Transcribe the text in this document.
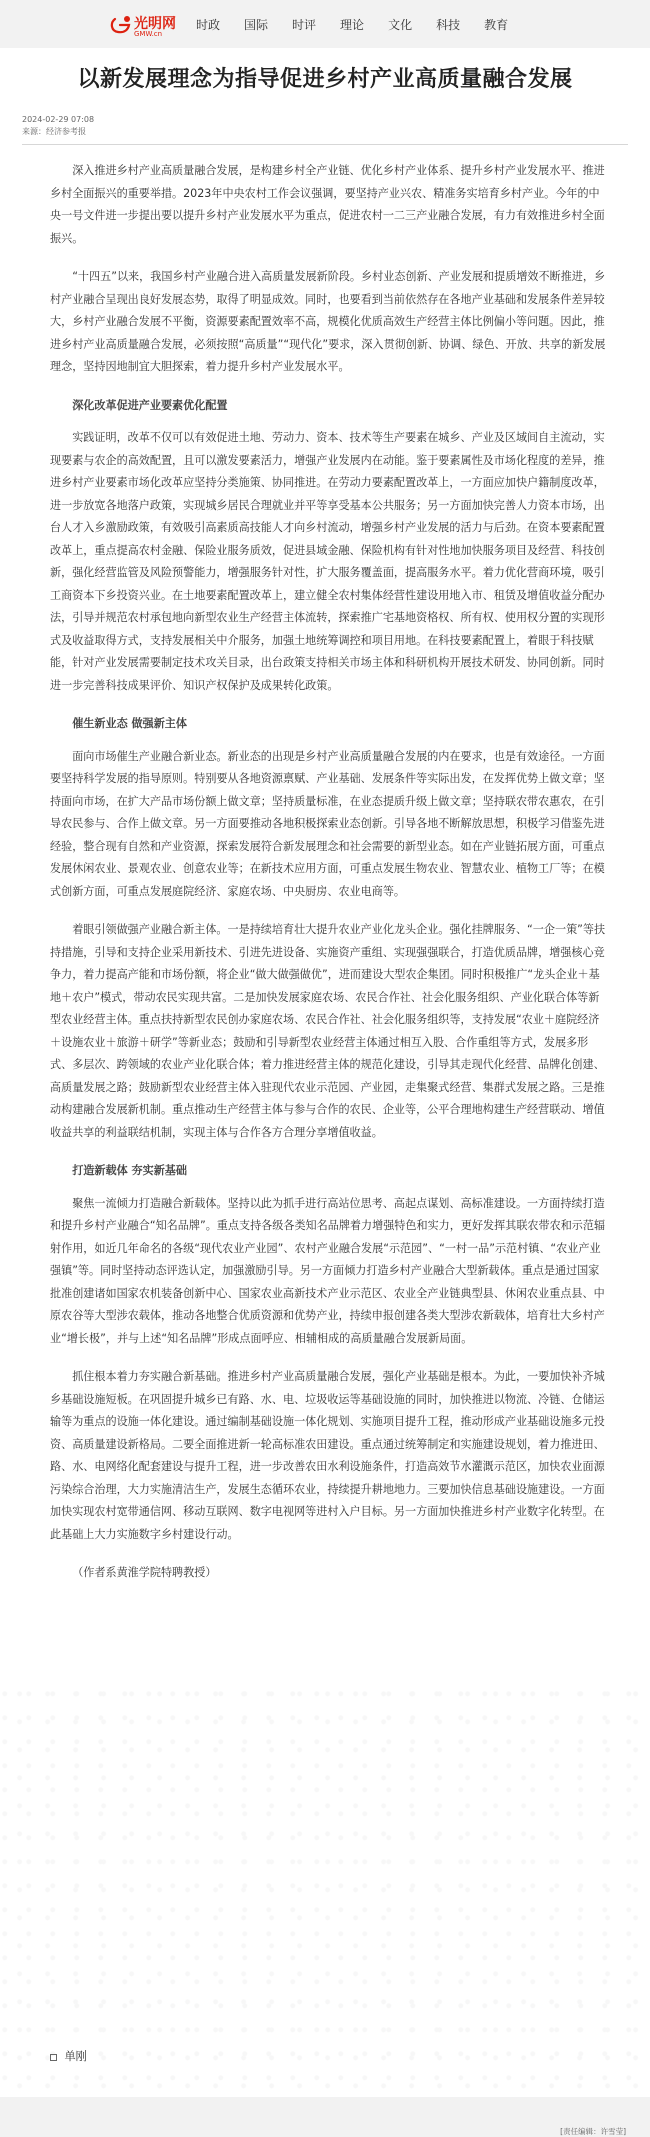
光明网
GMW.cn
时政 国际 时评 理论 文化 科技 教育
以新发展理念为指导促进乡村产业高质量融合发展
2024-02-29 07:08
来源：经济参考报

深入推进乡村产业高质量融合发展，是构建乡村全产业链、优化乡村产业体系、提升乡村产业发展水平、推进乡村全面振兴的重要举措。2023年中央农村工作会议强调，要坚持产业兴农、精准务实培育乡村产业。今年的中央一号文件进一步提出要以提升乡村产业发展水平为重点，促进农村一二三产业融合发展，有力有效推进乡村全面振兴。

“十四五”以来，我国乡村产业融合进入高质量发展新阶段。乡村业态创新、产业发展和提质增效不断推进，乡村产业融合呈现出良好发展态势，取得了明显成效。同时，也要看到当前依然存在各地产业基础和发展条件差异较大，乡村产业融合发展不平衡，资源要素配置效率不高，规模化优质高效生产经营主体比例偏小等问题。因此，推进乡村产业高质量融合发展，必须按照“高质量”“现代化”要求，深入贯彻创新、协调、绿色、开放、共享的新发展理念，坚持因地制宜大胆探索，着力提升乡村产业发展水平。

深化改革促进产业要素优化配置

实践证明，改革不仅可以有效促进土地、劳动力、资本、技术等生产要素在城乡、产业及区域间自主流动，实现要素与农企的高效配置，且可以激发要素活力，增强产业发展内在动能。鉴于要素属性及市场化程度的差异，推进乡村产业要素市场化改革应坚持分类施策、协同推进。在劳动力要素配置改革上，一方面应加快户籍制度改革，进一步放宽各地落户政策，实现城乡居民合理就业并平等享受基本公共服务；另一方面加快完善人力资本市场，出台人才入乡激励政策，有效吸引高素质高技能人才向乡村流动，增强乡村产业发展的活力与后劲。在资本要素配置改革上，重点提高农村金融、保险业服务质效，促进县域金融、保险机构有针对性地加快服务项目及经营、科技创新，强化经营监管及风险预警能力，增强服务针对性，扩大服务覆盖面，提高服务水平。着力优化营商环境，吸引工商资本下乡投资兴业。在土地要素配置改革上，建立健全农村集体经营性建设用地入市、租赁及增值收益分配办法，引导并规范农村承包地向新型农业生产经营主体流转，探索推广宅基地资格权、所有权、使用权分置的实现形式及收益取得方式，支持发展相关中介服务，加强土地统筹调控和项目用地。在科技要素配置上，着眼于科技赋能，针对产业发展需要制定技术攻关目录，出台政策支持相关市场主体和科研机构开展技术研发、协同创新。同时进一步完善科技成果评价、知识产权保护及成果转化政策。

催生新业态 做强新主体

面向市场催生产业融合新业态。新业态的出现是乡村产业高质量融合发展的内在要求，也是有效途径。一方面要坚持科学发展的指导原则。特别要从各地资源禀赋、产业基础、发展条件等实际出发，在发挥优势上做文章；坚持面向市场，在扩大产品市场份额上做文章；坚持质量标准，在业态提质升级上做文章；坚持联农带农惠农，在引导农民参与、合作上做文章。另一方面要推动各地积极探索业态创新。引导各地不断解放思想，积极学习借鉴先进经验，整合现有自然和产业资源，探索发展符合新发展理念和社会需要的新型业态。如在产业链拓展方面，可重点发展休闲农业、景观农业、创意农业等；在新技术应用方面，可重点发展生物农业、智慧农业、植物工厂等；在模式创新方面，可重点发展庭院经济、家庭农场、中央厨房、农业电商等。

着眼引领做强产业融合新主体。一是持续培育壮大提升农业产业化龙头企业。强化挂牌服务、“一企一策”等扶持措施，引导和支持企业采用新技术、引进先进设备、实施资产重组、实现强强联合，打造优质品牌，增强核心竞争力，着力提高产能和市场份额，将企业“做大做强做优”，进而建设大型农企集团。同时积极推广“龙头企业＋基地＋农户”模式，带动农民实现共富。二是加快发展家庭农场、农民合作社、社会化服务组织、产业化联合体等新型农业经营主体。重点扶持新型农民创办家庭农场、农民合作社、社会化服务组织等，支持发展“农业＋庭院经济＋设施农业＋旅游＋研学”等新业态；鼓励和引导新型农业经营主体通过相互入股、合作重组等方式，发展多形式、多层次、跨领域的农业产业化联合体；着力推进经营主体的规范化建设，引导其走现代化经营、品牌化创建、高质量发展之路；鼓励新型农业经营主体入驻现代农业示范园、产业园，走集聚式经营、集群式发展之路。三是推动构建融合发展新机制。重点推动生产经营主体与参与合作的农民、企业等，公平合理地构建生产经营联动、增值收益共享的利益联结机制，实现主体与合作各方合理分享增值收益。

打造新载体 夯实新基础

聚焦一流倾力打造融合新载体。坚持以此为抓手进行高站位思考、高起点谋划、高标准建设。一方面持续打造和提升乡村产业融合“知名品牌”。重点支持各级各类知名品牌着力增强特色和实力，更好发挥其联农带农和示范辐射作用，如近几年命名的各级“现代农业产业园”、农村产业融合发展“示范园”、“一村一品”示范村镇、“农业产业强镇”等。同时坚持动态评选认定，加强激励引导。另一方面倾力打造乡村产业融合大型新载体。重点是通过国家批准创建诸如国家农机装备创新中心、国家农业高新技术产业示范区、农业全产业链典型县、休闲农业重点县、中原农谷等大型涉农载体，推动各地整合优质资源和优势产业，持续申报创建各类大型涉农新载体，培育壮大乡村产业“增长极”，并与上述“知名品牌”形成点面呼应、相辅相成的高质量融合发展新局面。

抓住根本着力夯实融合新基础。推进乡村产业高质量融合发展，强化产业基础是根本。为此，一要加快补齐城乡基础设施短板。在巩固提升城乡已有路、水、电、垃圾收运等基础设施的同时，加快推进以物流、冷链、仓储运输等为重点的设施一体化建设。通过编制基础设施一体化规划、实施项目提升工程，推动形成产业基础设施多元投资、高质量建设新格局。二要全面推进新一轮高标准农田建设。重点通过统筹制定和实施建设规划，着力推进田、路、水、电网络化配套建设与提升工程，进一步改善农田水利设施条件，打造高效节水灌溉示范区，加快农业面源污染综合治理，大力实施清洁生产，发展生态循环农业，持续提升耕地地力。三要加快信息基础设施建设。一方面加快实现农村宽带通信网、移动互联网、数字电视网等进村入户目标。另一方面加快推进乡村产业数字化转型。在此基础上大力实施数字乡村建设行动。

（作者系黄淮学院特聘教授）

单刚
[责任编辑：许雪莹]
